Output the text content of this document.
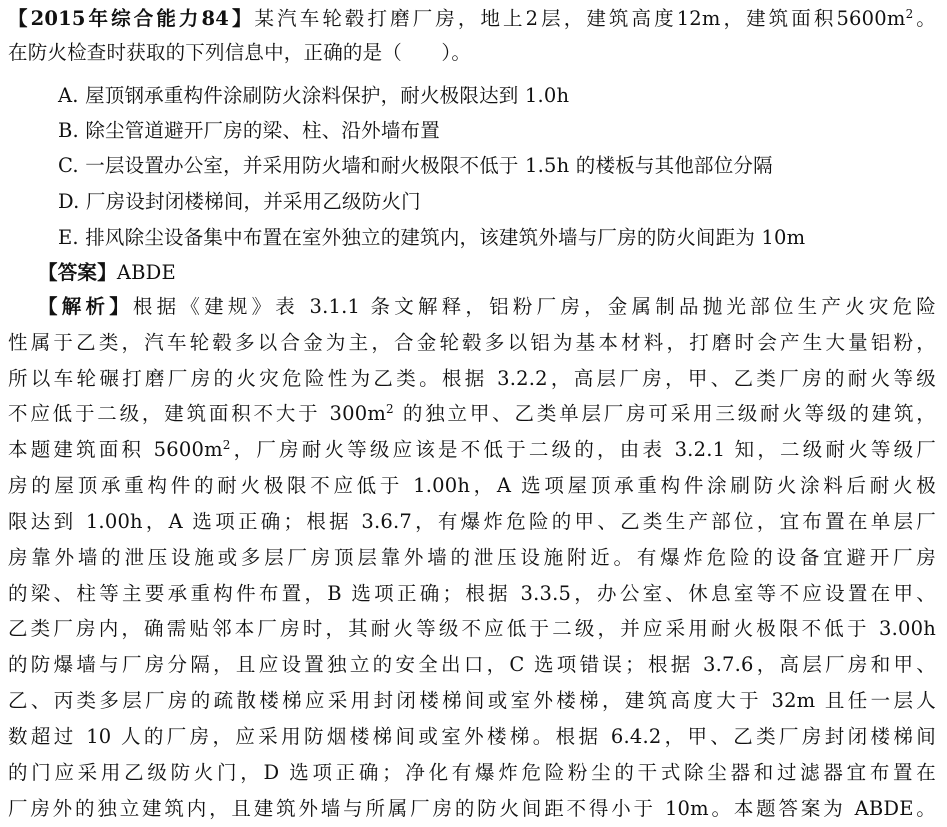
【2015年综合能力84】某汽车轮毂打磨厂房，地上2层，建筑高度12m，建筑面积$5600m^2$。
在防火检查时获取的下列信息中，正确的是（　　）。
A. 屋顶钢承重构件涂刷防火涂料保护，耐火极限达到 1.0h
B. 除尘管道避开厂房的梁、柱、沿外墙布置
C. 一层设置办公室，并采用防火墙和耐火极限不低于 1.5h 的楼板与其他部位分隔
D. 厂房设封闭楼梯间，并采用乙级防火门
E. 排风除尘设备集中布置在室外独立的建筑内，该建筑外墙与厂房的防火间距为 10m
【答案】ABDE
【解析】根据《建规》表 3.1.1 条文解释，铝粉厂房，金属制品抛光部位生产火灾危险
性属于乙类，汽车轮毂多以合金为主，合金轮毂多以铝为基本材料，打磨时会产生大量铝粉，
所以车轮碾打磨厂房的火灾危险性为乙类。根据 3.2.2，高层厂房，甲、乙类厂房的耐火等级
不应低于二级，建筑面积不大于 $300m^2$ 的独立甲、乙类单层厂房可采用三级耐火等级的建筑，
本题建筑面积 $5600m^2$，厂房耐火等级应该是不低于二级的，由表 3.2.1 知，二级耐火等级厂
房的屋顶承重构件的耐火极限不应低于 1.00h，A 选项屋顶承重构件涂刷防火涂料后耐火极
限达到 1.00h，A 选项正确；根据 3.6.7，有爆炸危险的甲、乙类生产部位，宜布置在单层厂
房靠外墙的泄压设施或多层厂房顶层靠外墙的泄压设施附近。有爆炸危险的设备宜避开厂房
的梁、柱等主要承重构件布置，B 选项正确；根据 3.3.5，办公室、休息室等不应设置在甲、
乙类厂房内，确需贴邻本厂房时，其耐火等级不应低于二级，并应采用耐火极限不低于 3.00h
的防爆墙与厂房分隔，且应设置独立的安全出口，C 选项错误；根据 3.7.6，高层厂房和甲、
乙、丙类多层厂房的疏散楼梯应采用封闭楼梯间或室外楼梯，建筑高度大于 32m 且任一层人
数超过 10 人的厂房，应采用防烟楼梯间或室外楼梯。根据 6.4.2，甲、乙类厂房封闭楼梯间
的门应采用乙级防火门，D 选项正确；净化有爆炸危险粉尘的干式除尘器和过滤器宜布置在
厂房外的独立建筑内，且建筑外墙与所属厂房的防火间距不得小于 10m。本题答案为 ABDE。
